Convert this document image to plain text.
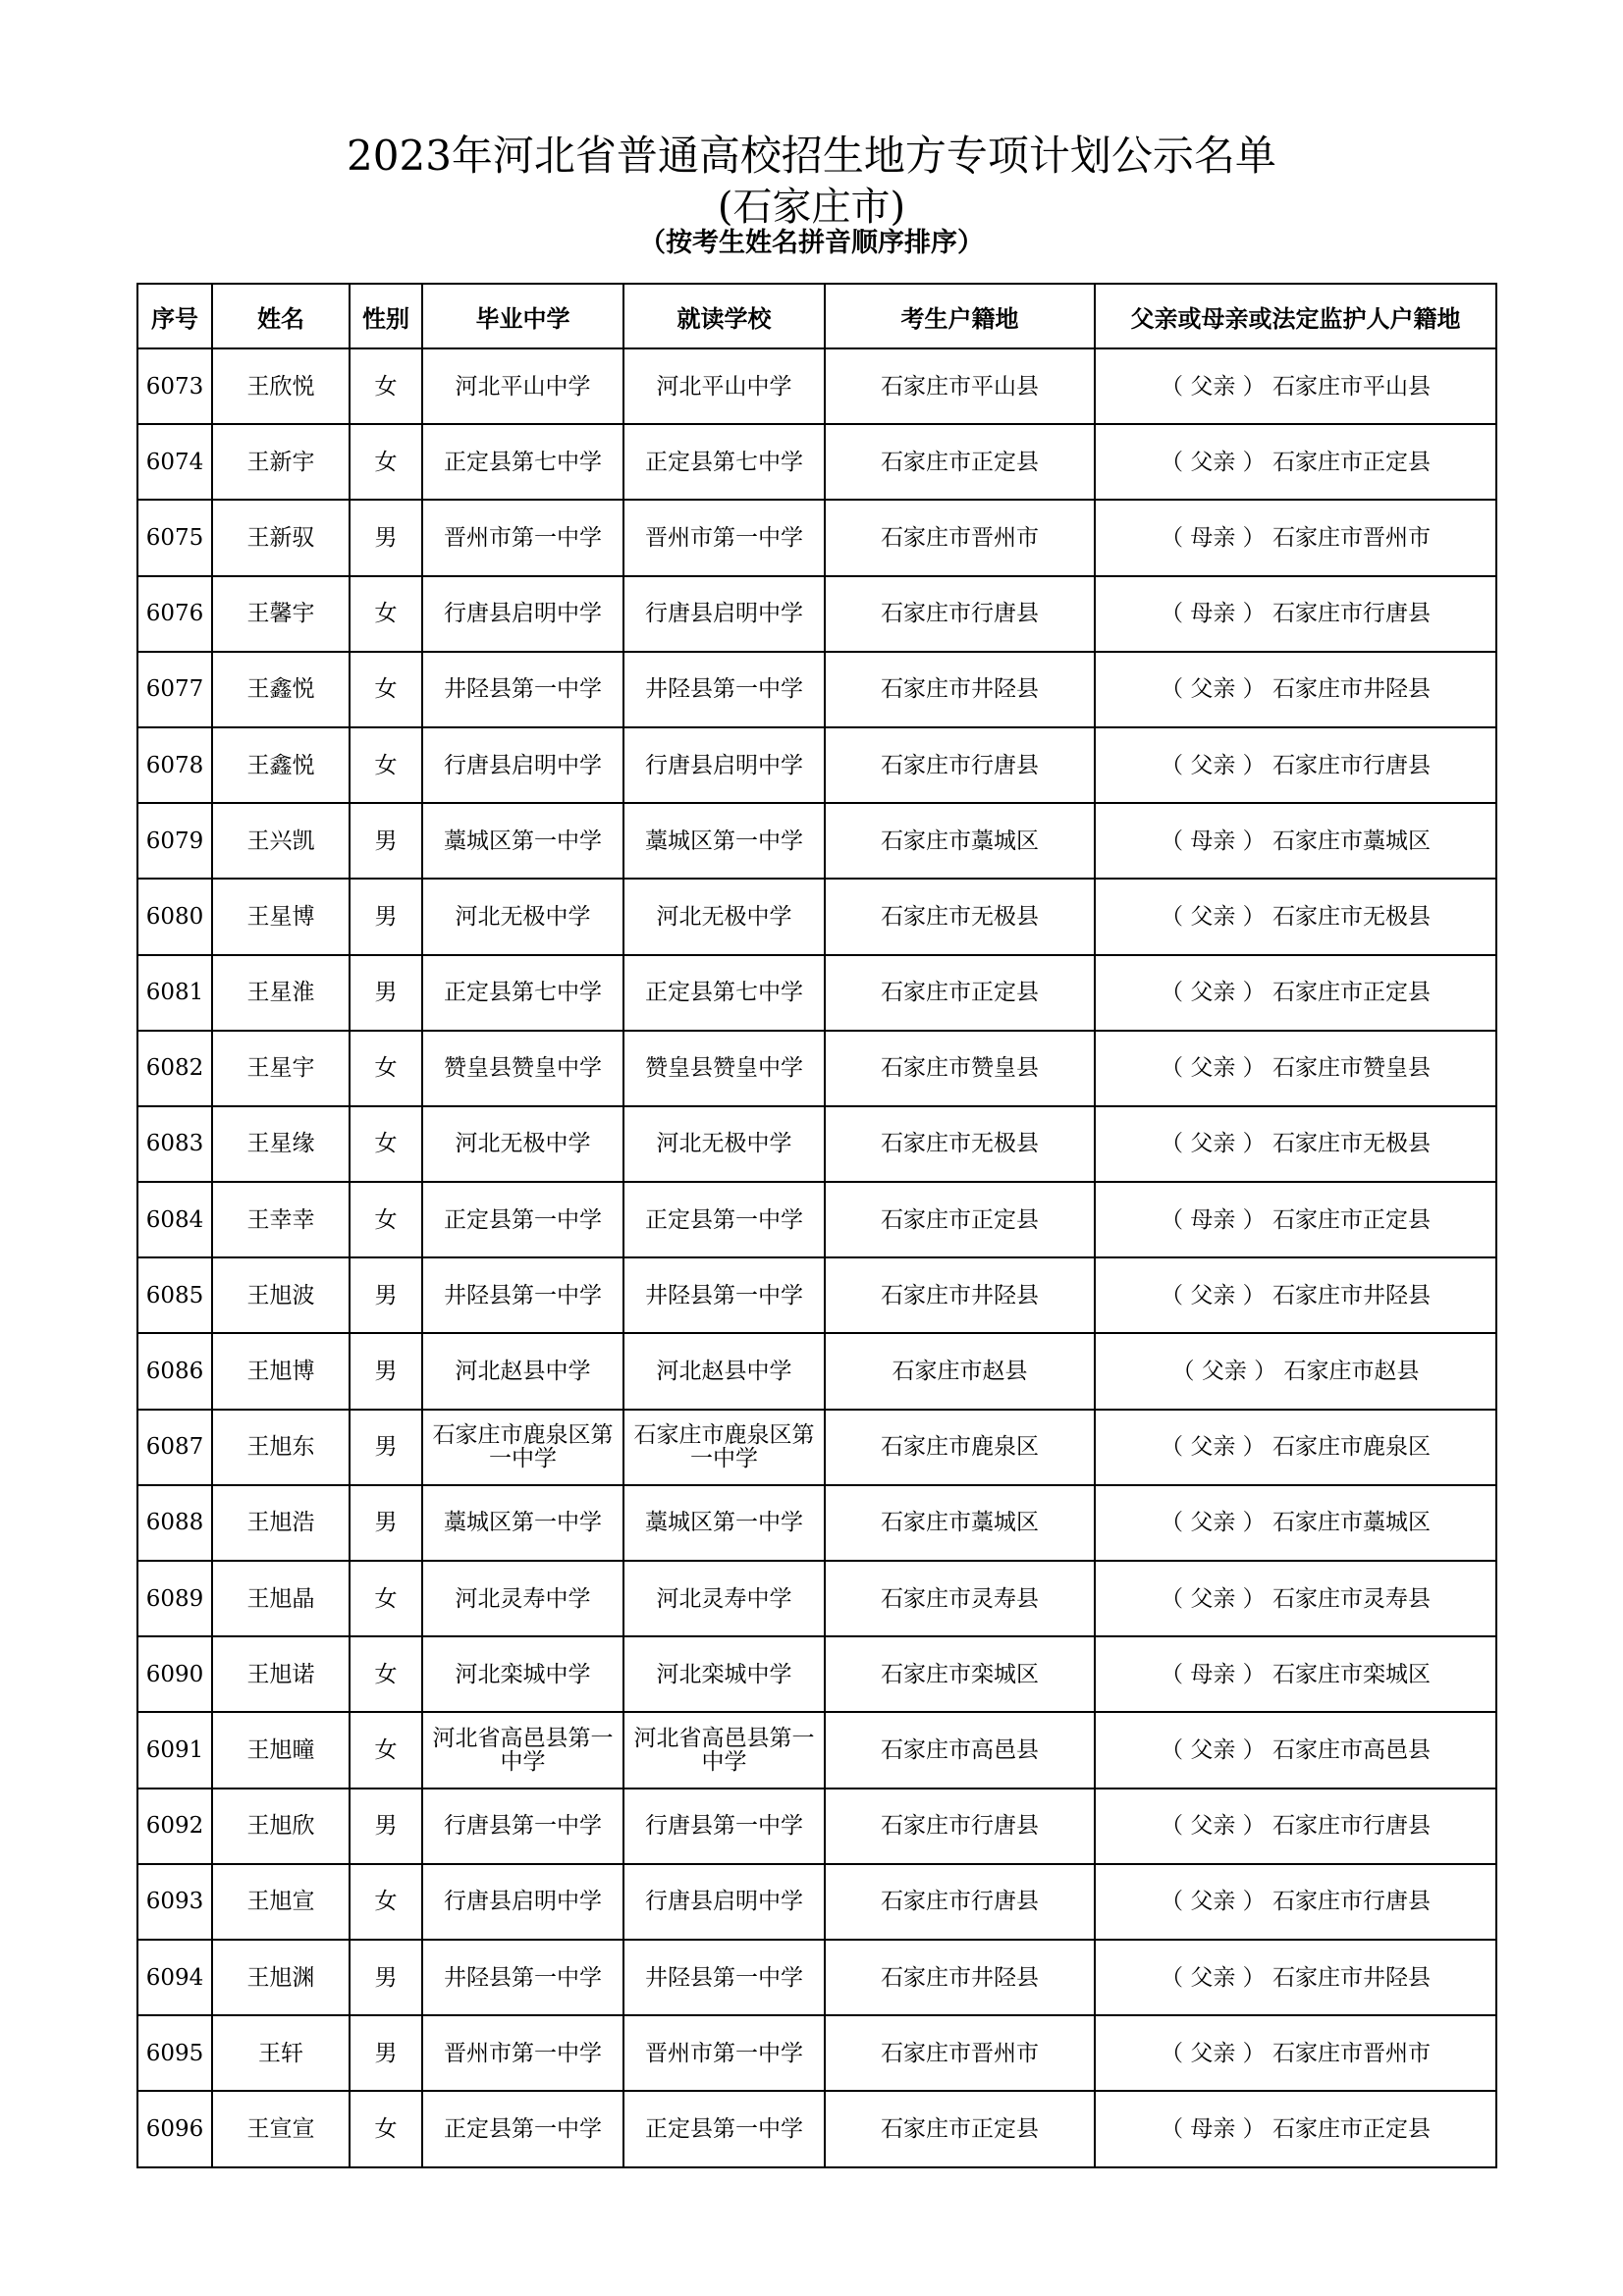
2023年河北省普通高校招生地方专项计划公示名单
(石家庄市)
（按考生姓名拼音顺序排序）
序号	姓名	性别	毕业中学	就读学校	考生户籍地	父亲或母亲或法定监护人户籍地
6073	王欣悦	女	河北平山中学	河北平山中学	石家庄市平山县	（ 父亲 ） 石家庄市平山县
6074	王新宇	女	正定县第七中学	正定县第七中学	石家庄市正定县	（ 父亲 ） 石家庄市正定县
6075	王新驭	男	晋州市第一中学	晋州市第一中学	石家庄市晋州市	（ 母亲 ） 石家庄市晋州市
6076	王馨宇	女	行唐县启明中学	行唐县启明中学	石家庄市行唐县	（ 母亲 ） 石家庄市行唐县
6077	王鑫悦	女	井陉县第一中学	井陉县第一中学	石家庄市井陉县	（ 父亲 ） 石家庄市井陉县
6078	王鑫悦	女	行唐县启明中学	行唐县启明中学	石家庄市行唐县	（ 父亲 ） 石家庄市行唐县
6079	王兴凯	男	藁城区第一中学	藁城区第一中学	石家庄市藁城区	（ 母亲 ） 石家庄市藁城区
6080	王星博	男	河北无极中学	河北无极中学	石家庄市无极县	（ 父亲 ） 石家庄市无极县
6081	王星淮	男	正定县第七中学	正定县第七中学	石家庄市正定县	（ 父亲 ） 石家庄市正定县
6082	王星宇	女	赞皇县赞皇中学	赞皇县赞皇中学	石家庄市赞皇县	（ 父亲 ） 石家庄市赞皇县
6083	王星缘	女	河北无极中学	河北无极中学	石家庄市无极县	（ 父亲 ） 石家庄市无极县
6084	王幸幸	女	正定县第一中学	正定县第一中学	石家庄市正定县	（ 母亲 ） 石家庄市正定县
6085	王旭波	男	井陉县第一中学	井陉县第一中学	石家庄市井陉县	（ 父亲 ） 石家庄市井陉县
6086	王旭博	男	河北赵县中学	河北赵县中学	石家庄市赵县	（ 父亲 ） 石家庄市赵县
6087	王旭东	男	石家庄市鹿泉区第一中学	石家庄市鹿泉区第一中学	石家庄市鹿泉区	（ 父亲 ） 石家庄市鹿泉区
6088	王旭浩	男	藁城区第一中学	藁城区第一中学	石家庄市藁城区	（ 父亲 ） 石家庄市藁城区
6089	王旭晶	女	河北灵寿中学	河北灵寿中学	石家庄市灵寿县	（ 父亲 ） 石家庄市灵寿县
6090	王旭诺	女	河北栾城中学	河北栾城中学	石家庄市栾城区	（ 母亲 ） 石家庄市栾城区
6091	王旭曈	女	河北省高邑县第一中学	河北省高邑县第一中学	石家庄市高邑县	（ 父亲 ） 石家庄市高邑县
6092	王旭欣	男	行唐县第一中学	行唐县第一中学	石家庄市行唐县	（ 父亲 ） 石家庄市行唐县
6093	王旭宣	女	行唐县启明中学	行唐县启明中学	石家庄市行唐县	（ 父亲 ） 石家庄市行唐县
6094	王旭渊	男	井陉县第一中学	井陉县第一中学	石家庄市井陉县	（ 父亲 ） 石家庄市井陉县
6095	王轩	男	晋州市第一中学	晋州市第一中学	石家庄市晋州市	（ 父亲 ） 石家庄市晋州市
6096	王宣宣	女	正定县第一中学	正定县第一中学	石家庄市正定县	（ 母亲 ） 石家庄市正定县
